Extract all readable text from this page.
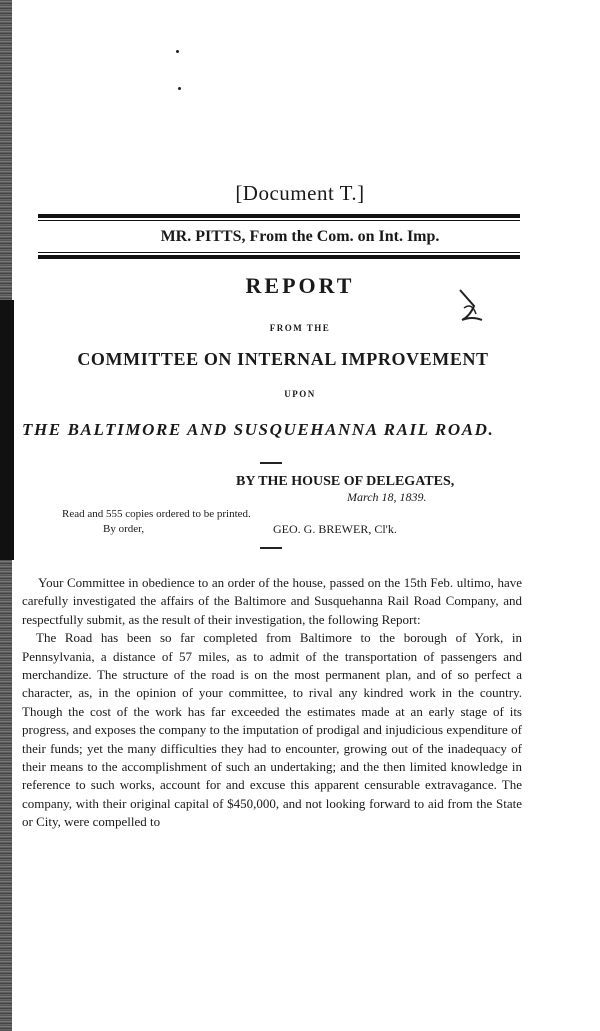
[Document T.]
MR. PITTS, From the Com. on Int. Imp.
REPORT
FROM THE
COMMITTEE ON INTERNAL IMPROVEMENT
UPON
THE BALTIMORE AND SUSQUEHANNA RAIL ROAD.
BY THE HOUSE OF DELEGATES,
March 18, 1839.
Read and 555 copies ordered to be printed.
By order,	GEO. G. BREWER, Cl'k.

Your Committee in obedience to an order of the house, passed on the 15th Feb. ultimo, have carefully investigated the affairs of the Baltimore and Susquehanna Rail Road Company, and respectfully submit, as the result of their investigation, the following Report:

The Road has been so far completed from Baltimore to the borough of York, in Pennsylvania, a distance of 57 miles, as to admit of the transportation of passengers and merchandize. The structure of the road is on the most permanent plan, and of so perfect a character, as, in the opinion of your committee, to rival any kindred work in the country. Though the cost of the work has far exceeded the estimates made at an early stage of its progress, and exposes the company to the imputation of prodigal and injudicious expenditure of their funds; yet the many difficulties they had to encounter, growing out of the inadequacy of their means to the accomplishment of such an undertaking; and the then limited knowledge in reference to such works, account for and excuse this apparent censurable extravagance. The company, with their original capital of $450,000, and not looking forward to aid from the State or City, were compelled to
